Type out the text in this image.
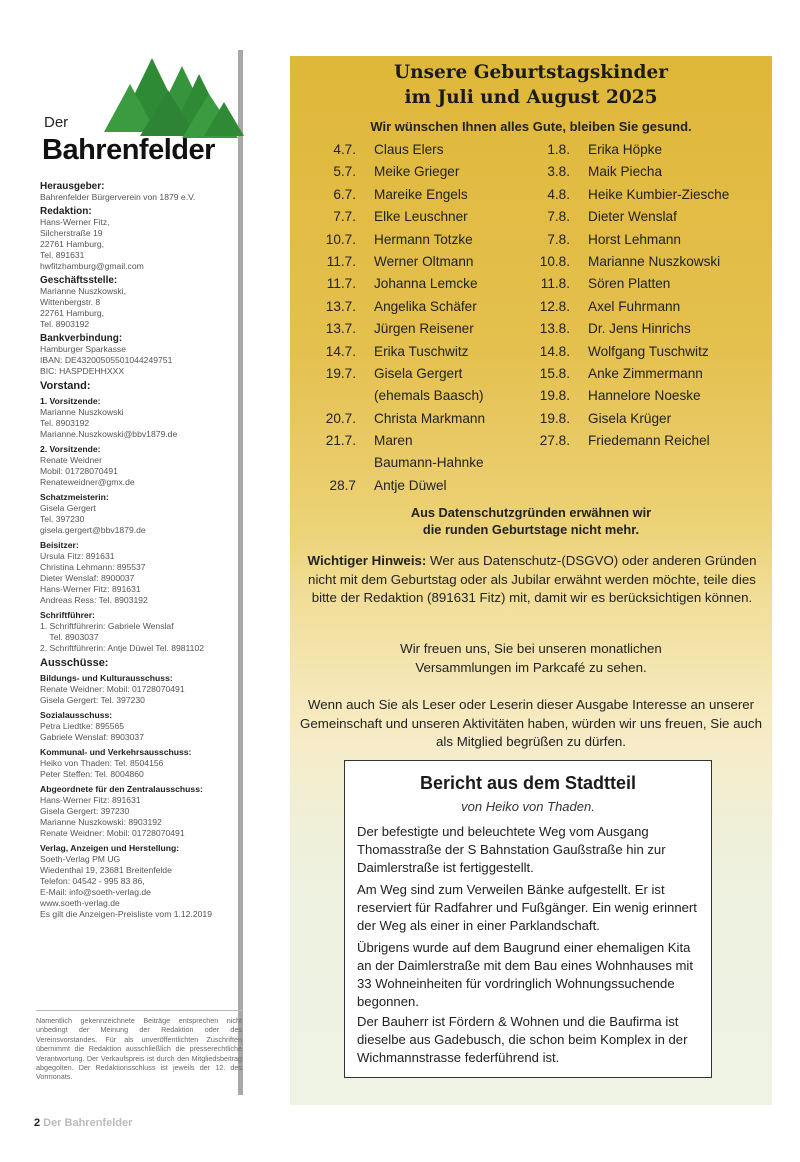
Der
Bahrenfelder
Herausgeber:
Bahrenfelder Bürgerverein von 1879 e.V.
Redaktion:
Hans-Werner Fitz,
Silcherstraße 19
22761 Hamburg,
Tel. 891631
hwfitzhamburg@gmail.com
Geschäftsstelle:
Marianne Nuszkowski,
Wittenbergstr. 8
22761 Hamburg,
Tel. 8903192
Bankverbindung:
Hamburger Sparkasse
IBAN: DE43200505501044249751
BIC: HASPDEHHXXX
Vorstand:
1. Vorsitzende:
Marianne Nuszkowski
Tel. 8903192
Marianne.Nuszkowski@bbv1879.de
2. Vorsitzende:
Renate Weidner
Mobil: 01728070491
Renateweidner@gmx.de
Schatzmeisterin:
Gisela Gergert
Tel. 397230
gisela.gergert@bbv1879.de
Beisitzer:
Ursula Fitz: 891631
Christina Lehmann: 895537
Dieter Wenslaf: 8900037
Hans-Werner Fitz: 891631
Andreas Ress: Tel. 8903192
Schriftführer:
1. Schriftführerin: Gabriele Wenslaf
Tel. 8903037
2. Schriftführerin: Antje Düwel Tel. 8981102
Ausschüsse:
Bildungs- und Kulturausschuss:
Renate Weidner: Mobil: 01728070491
Gisela Gergert: Tel. 397230
Sozialausschuss:
Petra Liedtke: 895565
Gabriele Wenslaf: 8903037
Kommunal- und Verkehrsausschuss:
Heiko von Thaden: Tel. 8504156
Peter Steffen: Tel. 8004860
Abgeordnete für den Zentralausschuss:
Hans-Werner Fitz: 891631
Gisela Gergert: 397230
Marianne Nuszkowski: 8903192
Renate Weidner: Mobil: 01728070491
Verlag, Anzeigen und Herstellung:
Soeth-Verlag PM UG
Wiedenthal 19, 23681 Breitenfelde
Telefon: 04542 - 995 83 86,
E-Mail: info@soeth-verlag.de
www.soeth-verlag.de
Es gilt die Anzeigen-Preisliste vom 1.12.2019
Namentlich gekennzeichnete Beiträge entsprechen nicht unbedingt der Meinung der Redaktion oder des Vereinsvorstandes. Für als unveröffentlichten Zuschriften übernimmt die Redaktion ausschließlich die presserechtliche Verantwortung. Der Verkaufspreis ist durch den Mitgliedsbeitrag abgegolten. Der Redaktionsschluss ist jeweils der 12. des Vormonats.
2 Der Bahrenfelder
Unsere Geburtstagskinder
im Juli und August 2025
Wir wünschen Ihnen alles Gute, bleiben Sie gesund.
4.7. Claus Elers
5.7. Meike Grieger
6.7. Mareike Engels
7.7. Elke Leuschner
10.7. Hermann Totzke
11.7. Werner Oltmann
11.7. Johanna Lemcke
13.7. Angelika Schäfer
13.7. Jürgen Reisener
14.7. Erika Tuschwitz
19.7. Gisela Gergert
(ehemals Baasch)
20.7. Christa Markmann
21.7. Maren
Baumann-Hahnke
28.7 Antje Düwel
1.8. Erika Höpke
3.8. Maik Piecha
4.8. Heike Kumbier-Ziesche
7.8. Dieter Wenslaf
7.8. Horst Lehmann
10.8. Marianne Nuszkowski
11.8. Sören Platten
12.8. Axel Fuhrmann
13.8. Dr. Jens Hinrichs
14.8. Wolfgang Tuschwitz
15.8. Anke Zimmermann
19.8. Hannelore Noeske
19.8. Gisela Krüger
27.8. Friedemann Reichel
Aus Datenschutzgründen erwähnen wir
die runden Geburtstage nicht mehr.
Wichtiger Hinweis: Wer aus Datenschutz-(DSGVO) oder anderen Gründen nicht mit dem Geburtstag oder als Jubilar erwähnt werden möchte, teile dies bitte der Redaktion (891631 Fitz) mit, damit wir es berücksichtigen können.
Wir freuen uns, Sie bei unseren monatlichen Versammlungen im Parkcafé zu sehen.
Wenn auch Sie als Leser oder Leserin dieser Ausgabe Interesse an unserer Gemeinschaft und unseren Aktivitäten haben, würden wir uns freuen, Sie auch als Mitglied begrüßen zu dürfen.
Bericht aus dem Stadtteil
von Heiko von Thaden.

Der befestigte und beleuchtete Weg vom Ausgang Thomasstraße der S Bahnstation Gaußstraße hin zur Daimlerstraße ist fertiggestellt.

Am Weg sind zum Verweilen Bänke aufgestellt. Er ist reserviert für Radfahrer und Fußgänger. Ein wenig erinnert der Weg als einer in einer Parklandschaft.

Übrigens wurde auf dem Baugrund einer ehemaligen Kita an der Daimlerstraße mit dem Bau eines Wohnhauses mit 33 Wohneinheiten für vordringlich Wohnungssuchende begonnen.

Der Bauherr ist Fördern & Wohnen und die Baufirma ist dieselbe aus Gadebusch, die schon beim Komplex in der Wichmannstrasse federführend ist.
